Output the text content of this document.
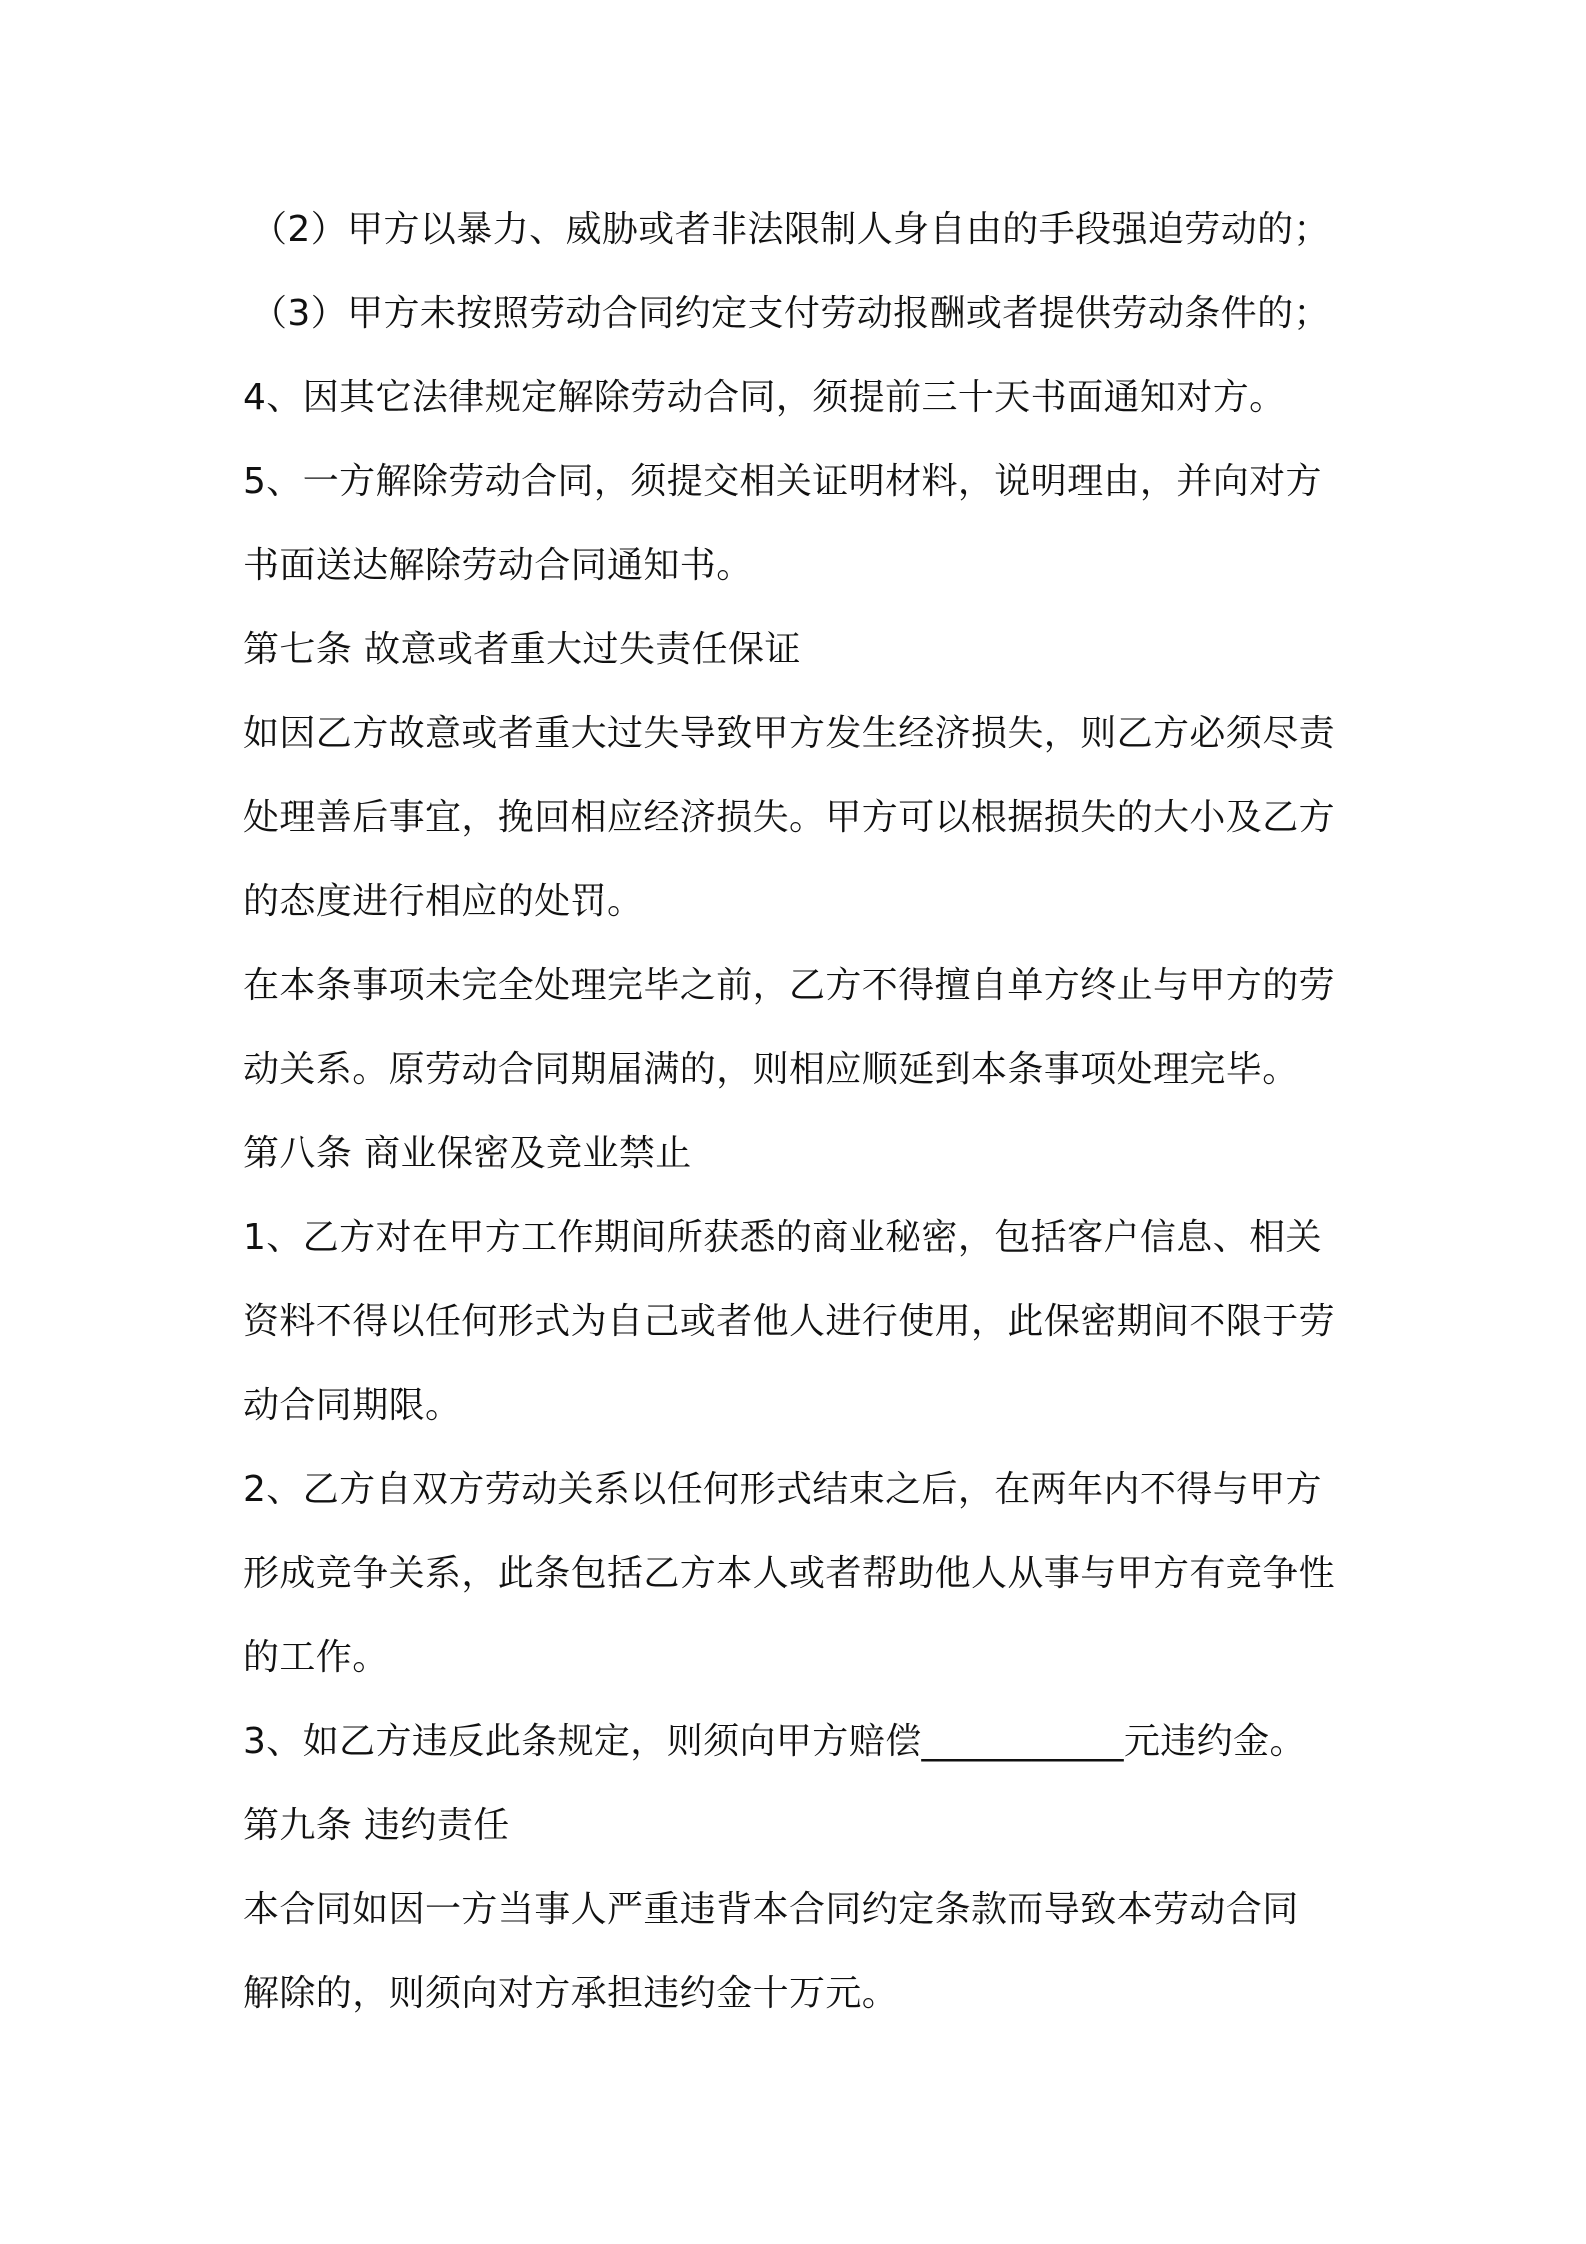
（2）甲方以暴力、威胁或者非法限制人身自由的手段强迫劳动的；
（3）甲方未按照劳动合同约定支付劳动报酬或者提供劳动条件的；
4、因其它法律规定解除劳动合同，须提前三十天书面通知对方。
5、一方解除劳动合同，须提交相关证明材料，说明理由，并向对方
书面送达解除劳动合同通知书。
第七条 故意或者重大过失责任保证
如因乙方故意或者重大过失导致甲方发生经济损失，则乙方必须尽责
处理善后事宜，挽回相应经济损失。甲方可以根据损失的大小及乙方
的态度进行相应的处罚。
在本条事项未完全处理完毕之前，乙方不得擅自单方终止与甲方的劳
动关系。原劳动合同期届满的，则相应顺延到本条事项处理完毕。
第八条 商业保密及竞业禁止
1、乙方对在甲方工作期间所获悉的商业秘密，包括客户信息、相关
资料不得以任何形式为自己或者他人进行使用，此保密期间不限于劳
动合同期限。
2、乙方自双方劳动关系以任何形式结束之后，在两年内不得与甲方
形成竞争关系，此条包括乙方本人或者帮助他人从事与甲方有竞争性
的工作。
3、如乙方违反此条规定，则须向甲方赔偿___________元违约金。
第九条 违约责任
本合同如因一方当事人严重违背本合同约定条款而导致本劳动合同
解除的，则须向对方承担违约金十万元。
